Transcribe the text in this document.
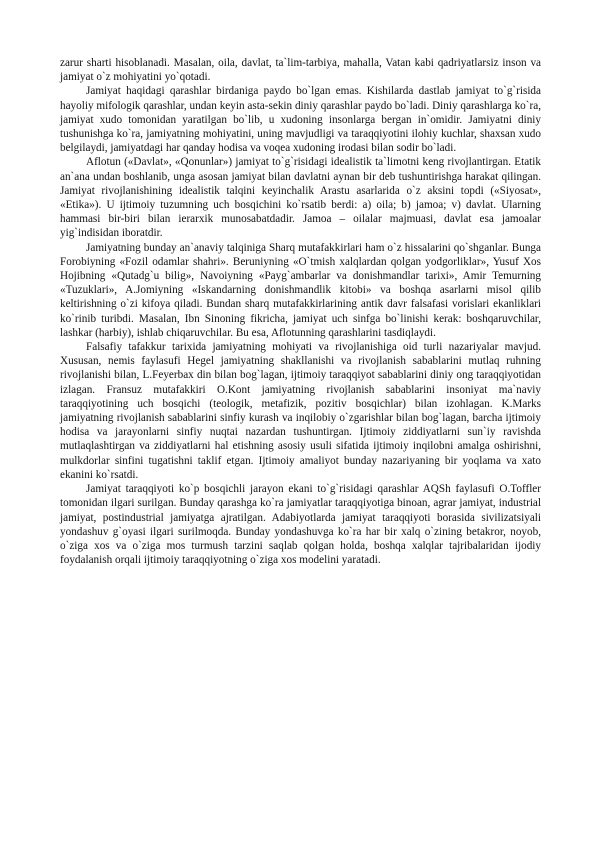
zarur sharti hisoblanadi. Masalan, oila, davlat, ta`lim-tarbiya, mahalla, Vatan kabi qadriyatlarsiz inson va jamiyat o`z mohiyatini yo`qotadi.

Jamiyat haqidagi qarashlar birdaniga paydo bo`lgan emas. Kishilarda dastlab jamiyat to`g`risida hayoliy mifologik qarashlar, undan keyin asta-sekin diniy qarashlar paydo bo`ladi. Diniy qarashlarga ko`ra, jamiyat xudo tomonidan yaratilgan bo`lib, u xudoning insonlarga bergan in`omidir. Jamiyatni diniy tushunishga ko`ra, jamiyatning mohiyatini, uning mavjudligi va taraqqiyotini ilohiy kuchlar, shaxsan xudo belgilaydi, jamiyatdagi har qanday hodisa va voqea xudoning irodasi bilan sodir bo`ladi.

Aflotun («Davlat», «Qonunlar») jamiyat to`g`risidagi idealistik ta`limotni keng rivojlantirgan. Etatik an`ana undan boshlanib, unga asosan jamiyat bilan davlatni aynan bir deb tushuntirishga harakat qilingan. Jamiyat rivojlanishining idealistik talqini keyinchalik Arastu asarlarida o`z aksini topdi («Siyosat», «Etika»). U ijtimoiy tuzumning uch bosqichini ko`rsatib berdi: a) oila; b) jamoa; v) davlat. Ularning hammasi bir-biri bilan ierarxik munosabatdadir. Jamoa – oilalar majmuasi, davlat esa jamoalar yig`indisidan iboratdir.

Jamiyatning bunday an`anaviy talqiniga Sharq mutafakkirlari ham o`z hissalarini qo`shganlar. Bunga Forobiyning «Fozil odamlar shahri». Beruniyning «O`tmish xalqlardan qolgan yodgorliklar», Yusuf Xos Hojibning «Qutadg`u bilig», Navoiyning «Payg`ambarlar va donishmandlar tarixi», Amir Temurning «Tuzuklari», A.Jomiyning «Iskandarning donishmandlik kitobi» va boshqa asarlarni misol qilib keltirishning o`zi kifoya qiladi. Bundan sharq mutafakkirlarining antik davr falsafasi vorislari ekanliklari ko`rinib turibdi. Masalan, Ibn Sinoning fikricha, jamiyat uch sinfga bo`linishi kerak: boshqaruvchilar, lashkar (harbiy), ishlab chiqaruvchilar. Bu esa, Aflotunning qarashlarini tasdiqlaydi.

Falsafiy tafakkur tarixida jamiyatning mohiyati va rivojlanishiga oid turli nazariyalar mavjud. Xususan, nemis faylasufi Hegel jamiyatning shakllanishi va rivojlanish sabablarini mutlaq ruhning rivojlanishi bilan, L.Feyerbax din bilan bog`lagan, ijtimoiy taraqqiyot sabablarini diniy ong taraqqiyotidan izlagan. Fransuz mutafakkiri O.Kont jamiyatning rivojlanish sabablarini insoniyat ma`naviy taraqqiyotining uch bosqichi (teologik, metafizik, pozitiv bosqichlar) bilan izohlagan. K.Marks jamiyatning rivojlanish sabablarini sinfiy kurash va inqilobiy o`zgarishlar bilan bog`lagan, barcha ijtimoiy hodisa va jarayonlarni sinfiy nuqtai nazardan tushuntirgan. Ijtimoiy ziddiyatlarni sun`iy ravishda mutlaqlashtirgan va ziddiyatlarni hal etishning asosiy usuli sifatida ijtimoiy inqilobni amalga oshirishni, mulkdorlar sinfini tugatishni taklif etgan. Ijtimoiy amaliyot bunday nazariyaning bir yoqlama va xato ekanini ko`rsatdi.

Jamiyat taraqqiyoti ko`p bosqichli jarayon ekani to`g`risidagi qarashlar AQSh faylasufi O.Toffler tomonidan ilgari surilgan. Bunday qarashga ko`ra jamiyatlar taraqqiyotiga binoan, agrar jamiyat, industrial jamiyat, postindustrial jamiyatga ajratilgan. Adabiyotlarda jamiyat taraqqiyoti borasida sivilizatsiyali yondashuv g`oyasi ilgari surilmoqda. Bunday yondashuvga ko`ra har bir xalq o`zining betakror, noyob, o`ziga xos va o`ziga mos turmush tarzini saqlab qolgan holda, boshqa xalqlar tajribalaridan ijodiy foydalanish orqali ijtimoiy taraqqiyotning o`ziga xos modelini yaratadi.
